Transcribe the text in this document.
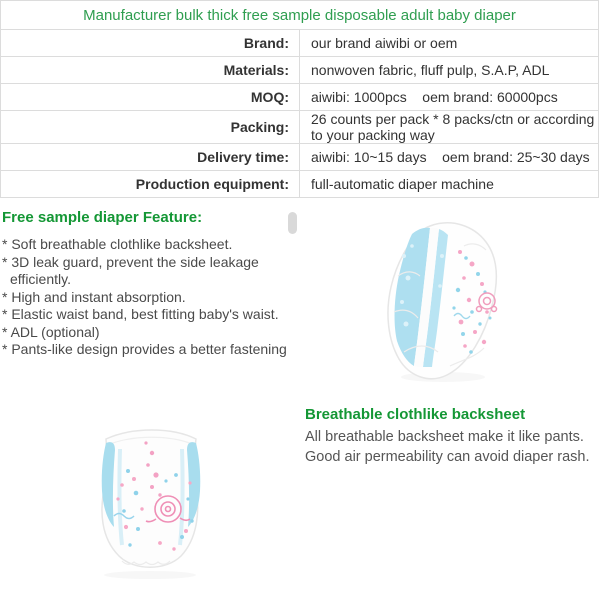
Manufacturer bulk thick free sample disposable adult baby diaper	
Brand:	our brand aiwibi or oem
Materials:	nonwoven fabric, fluff pulp, S.A.P, ADL
MOQ:	aiwibi: 1000pcs    oem brand: 60000pcs
Packing:	26 counts per pack * 8 packs/ctn or according to your packing way
Delivery time:	aiwibi: 10~15 days    oem brand: 25~30 days
Production equipment:	full-automatic diaper machine
Free sample diaper Feature:
* Soft breathable clothlike backsheet.
* 3D leak guard, prevent the side leakage efficiently.
* High and instant absorption.
* Elastic waist band, best fitting baby's waist.
* ADL (optional)
* Pants-like design provides a better fastening
Breathable clothlike backsheet
All breathable backsheet make it like pants.
Good air permeability can avoid diaper rash.
